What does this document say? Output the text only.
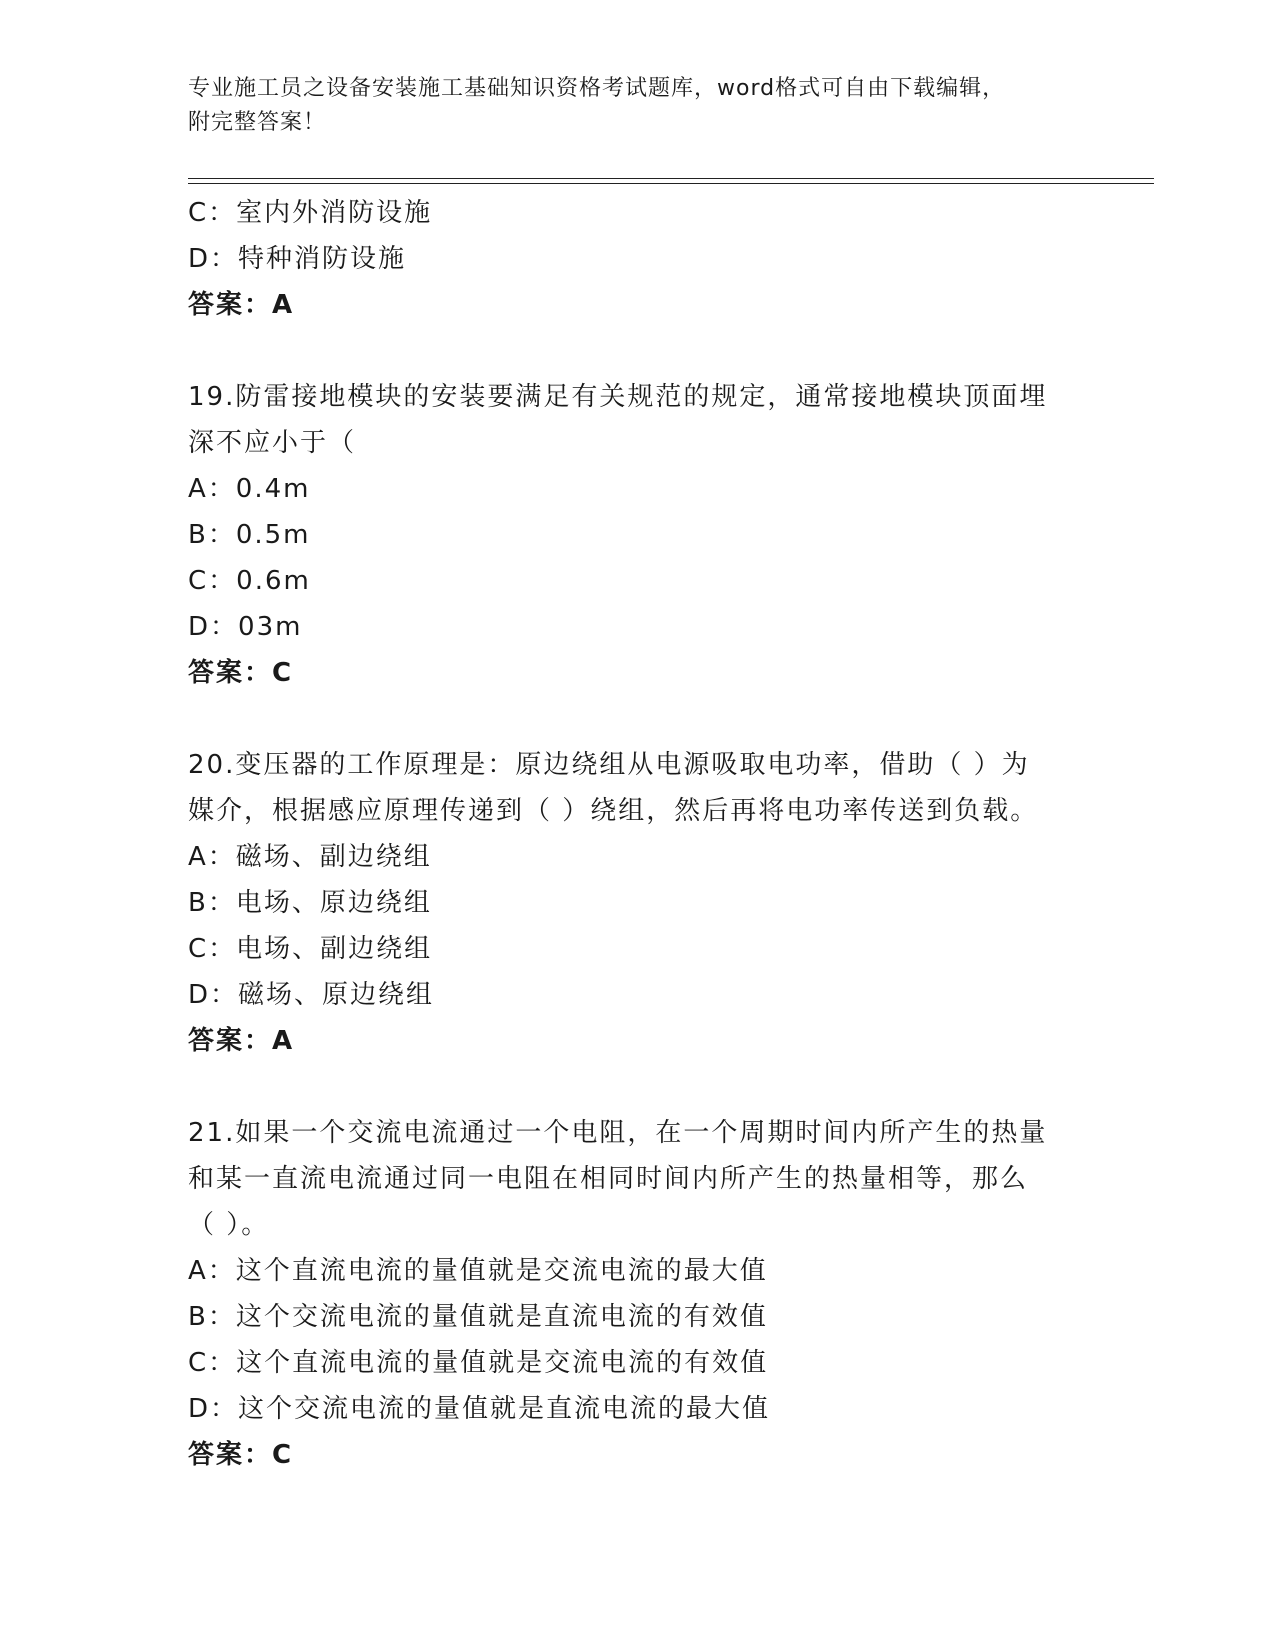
专业施工员之设备安装施工基础知识资格考试题库，word格式可自由下载编辑，
附完整答案！
C：室内外消防设施
D：特种消防设施
答案：A
19.防雷接地模块的安装要满足有关规范的规定，通常接地模块顶面埋
深不应小于（
A：0.4m
B：0.5m
C：0.6m
D：03m
答案：C
20.变压器的工作原理是：原边绕组从电源吸取电功率，借助（ ）为
媒介，根据感应原理传递到（ ）绕组，然后再将电功率传送到负载。
A：磁场、副边绕组
B：电场、原边绕组
C：电场、副边绕组
D：磁场、原边绕组
答案：A
21.如果一个交流电流通过一个电阻，在一个周期时间内所产生的热量
和某一直流电流通过同一电阻在相同时间内所产生的热量相等，那么
（ ）。
A：这个直流电流的量值就是交流电流的最大值
B：这个交流电流的量值就是直流电流的有效值
C：这个直流电流的量值就是交流电流的有效值
D：这个交流电流的量值就是直流电流的最大值
答案：C
